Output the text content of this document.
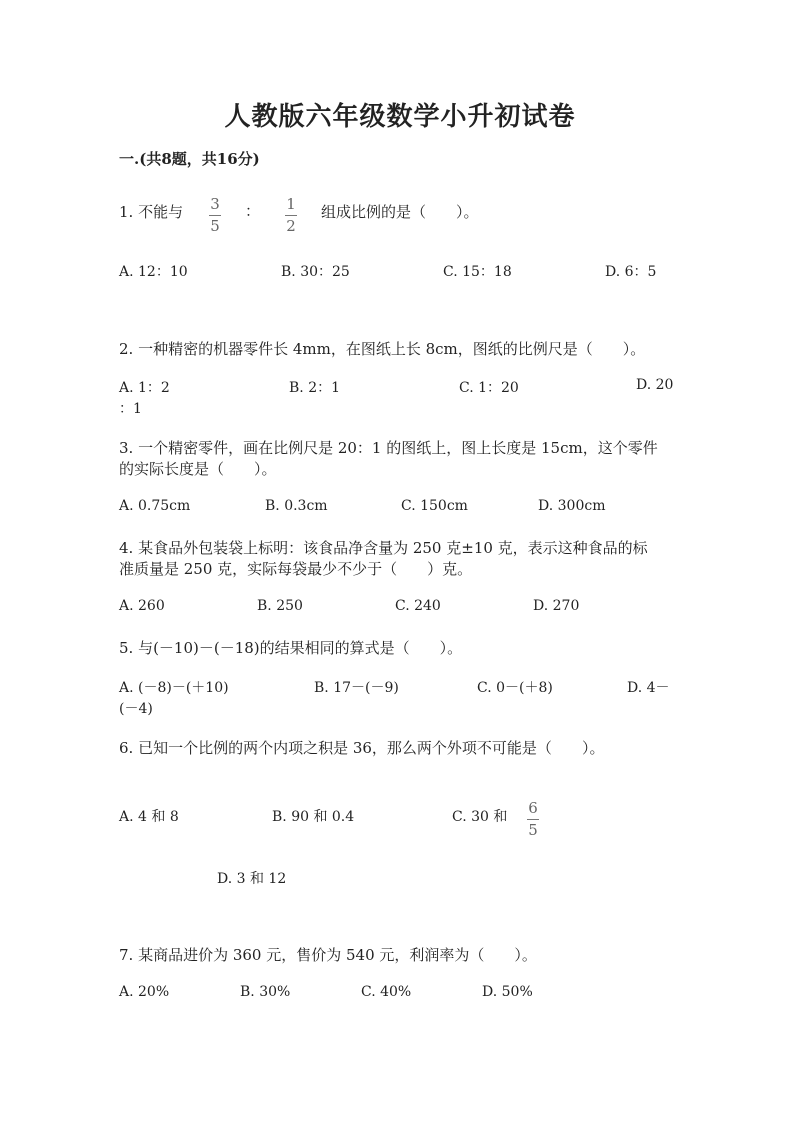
人教版六年级数学小升初试卷
一.(共8题，共16分)
1. 不能与 3
5
： 1
2
组成比例的是（　　）。
A. 12：10	B. 30：25	C. 15：18	D. 6：5
2. 一种精密的机器零件长 4mm，在图纸上长 8cm，图纸的比例尺是（　　）。
A. 1：2	B. 2：1	C. 1：20	D. 20
：1
3. 一个精密零件，画在比例尺是 20：1 的图纸上，图上长度是 15cm，这个零件
的实际长度是（　　）。
A. 0.75cm	B. 0.3cm	C. 150cm	D. 300cm
4. 某食品外包装袋上标明：该食品净含量为 250 克±10 克，表示这种食品的标
准质量是 250 克，实际每袋最少不少于（　　）克。
A. 260	B. 250	C. 240	D. 270
5. 与(－10)－(－18)的结果相同的算式是（　　）。
A. (－8)－(＋10)	B. 17－(－9)	C. 0－(＋8)	D. 4－
(－4)
6. 已知一个比例的两个内项之积是 36，那么两个外项不可能是（　　）。
A. 4 和 8	B. 90 和 0.4	C. 30 和 6
5
D. 3 和 12
7. 某商品进价为 360 元，售价为 540 元，利润率为（　　）。
A. 20%	B. 30%	C. 40%	D. 50%
